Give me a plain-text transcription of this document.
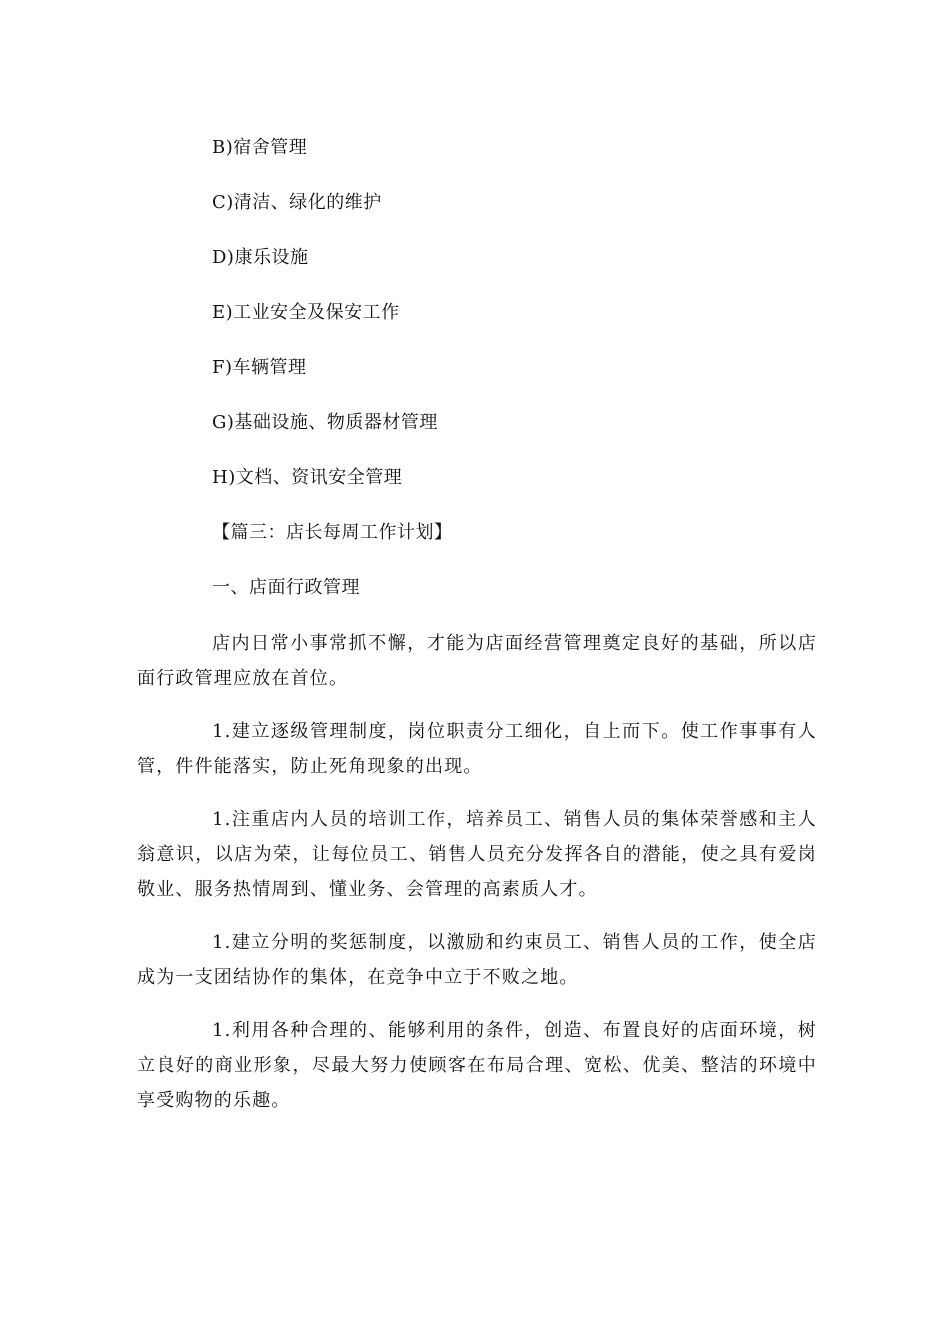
B)宿舍管理
C)清洁、绿化的维护
D)康乐设施
E)工业安全及保安工作
F)车辆管理
G)基础设施、物质器材管理
H)文档、资讯安全管理
【篇三：店长每周工作计划】
一、店面行政管理
店内日常小事常抓不懈，才能为店面经营管理奠定良好的基础，所以店面行政管理应放在首位。
1.建立逐级管理制度，岗位职责分工细化，自上而下。使工作事事有人管，件件能落实，防止死角现象的出现。
1.注重店内人员的培训工作，培养员工、销售人员的集体荣誉感和主人翁意识，以店为荣，让每位员工、销售人员充分发挥各自的潜能，使之具有爱岗敬业、服务热情周到、懂业务、会管理的高素质人才。
1.建立分明的奖惩制度，以激励和约束员工、销售人员的工作，使全店成为一支团结协作的集体，在竞争中立于不败之地。
1.利用各种合理的、能够利用的条件，创造、布置良好的店面环境，树立良好的商业形象，尽最大努力使顾客在布局合理、宽松、优美、整洁的环境中享受购物的乐趣。
